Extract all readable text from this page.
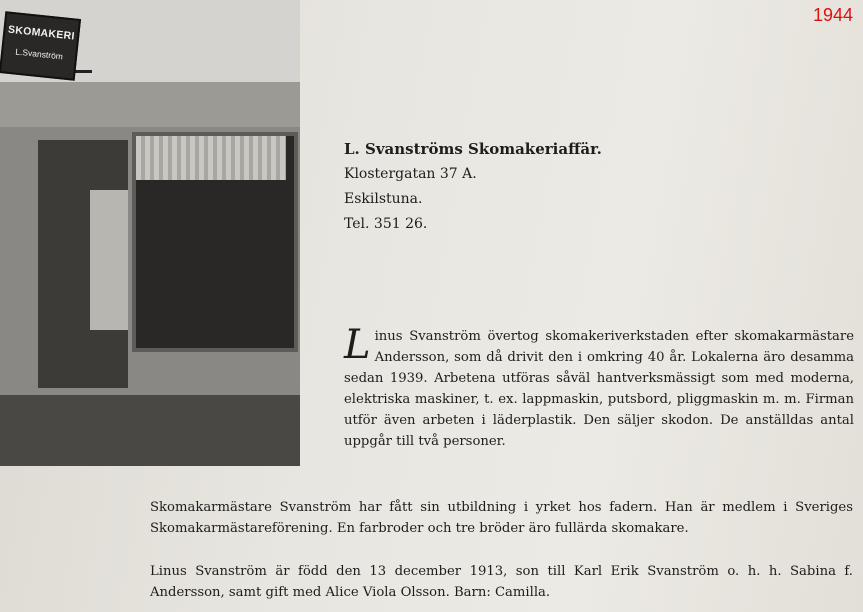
1944
SKOMAKERI
L.Svanström
L. Svanströms Skomakeriaffär.
Klostergatan 37 A.
Eskilstuna.
Tel. 351 26.
Linus Svanström övertog skomakeriverkstaden efter skomakarmästare Andersson, som då drivit den i omkring 40 år. Lokalerna äro desamma sedan 1939. Arbetena utföras såväl hantverksmässigt som med moderna, elektriska maskiner, t. ex. lappmaskin, putsbord, pliggmaskin m. m. Firman utför även arbeten i läderplastik. Den säljer skodon. De anställdas antal uppgår till två personer.
Skomakarmästare Svanström har fått sin utbildning i yrket hos fadern. Han är medlem i Sveriges Skomakarmästareförening. En farbroder och tre bröder äro fullärda skomakare.
Linus Svanström är född den 13 december 1913, son till Karl Erik Svanström o. h. h. Sabina f. Andersson, samt gift med Alice Viola Olsson. Barn: Camilla.
